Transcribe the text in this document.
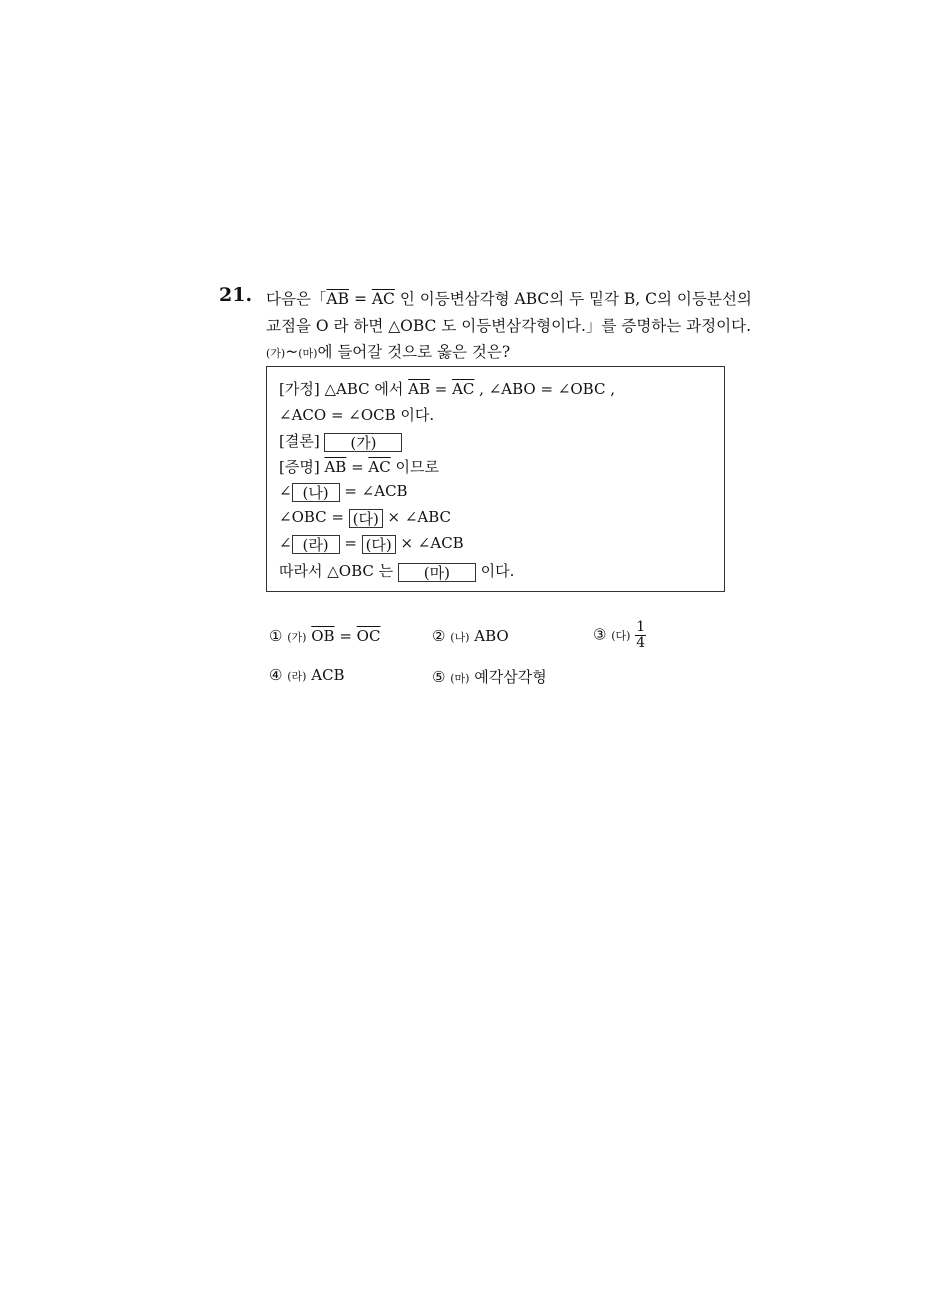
21. 다음은「$\overline{AB} = \overline{AC}$ 인 이등변삼각형 ABC의 두 밑각 B, C의 이등분선의
교점을 O 라 하면 △OBC 도 이등변삼각형이다.」를 증명하는 과정이다.
(가)~(마)에 들어갈 것으로 옳은 것은?
[가정] △ABC 에서 $\overline{AB} = \overline{AC}$ , ∠ABO = ∠OBC ,
∠ACO = ∠OCB 이다.
[결론] (가)
[증명] $\overline{AB} = \overline{AC}$ 이므로
∠ (나) = ∠ACB
∠OBC = (다) × ∠ABC
∠ (라) = (다) × ∠ACB
따라서 △OBC 는 (마) 이다.
① (가) $\overline{OB} = \overline{OC}$	② (나) ABO	③ (다) $\frac{1}{4}$
④ (라) ACB	⑤ (마) 예각삼각형
